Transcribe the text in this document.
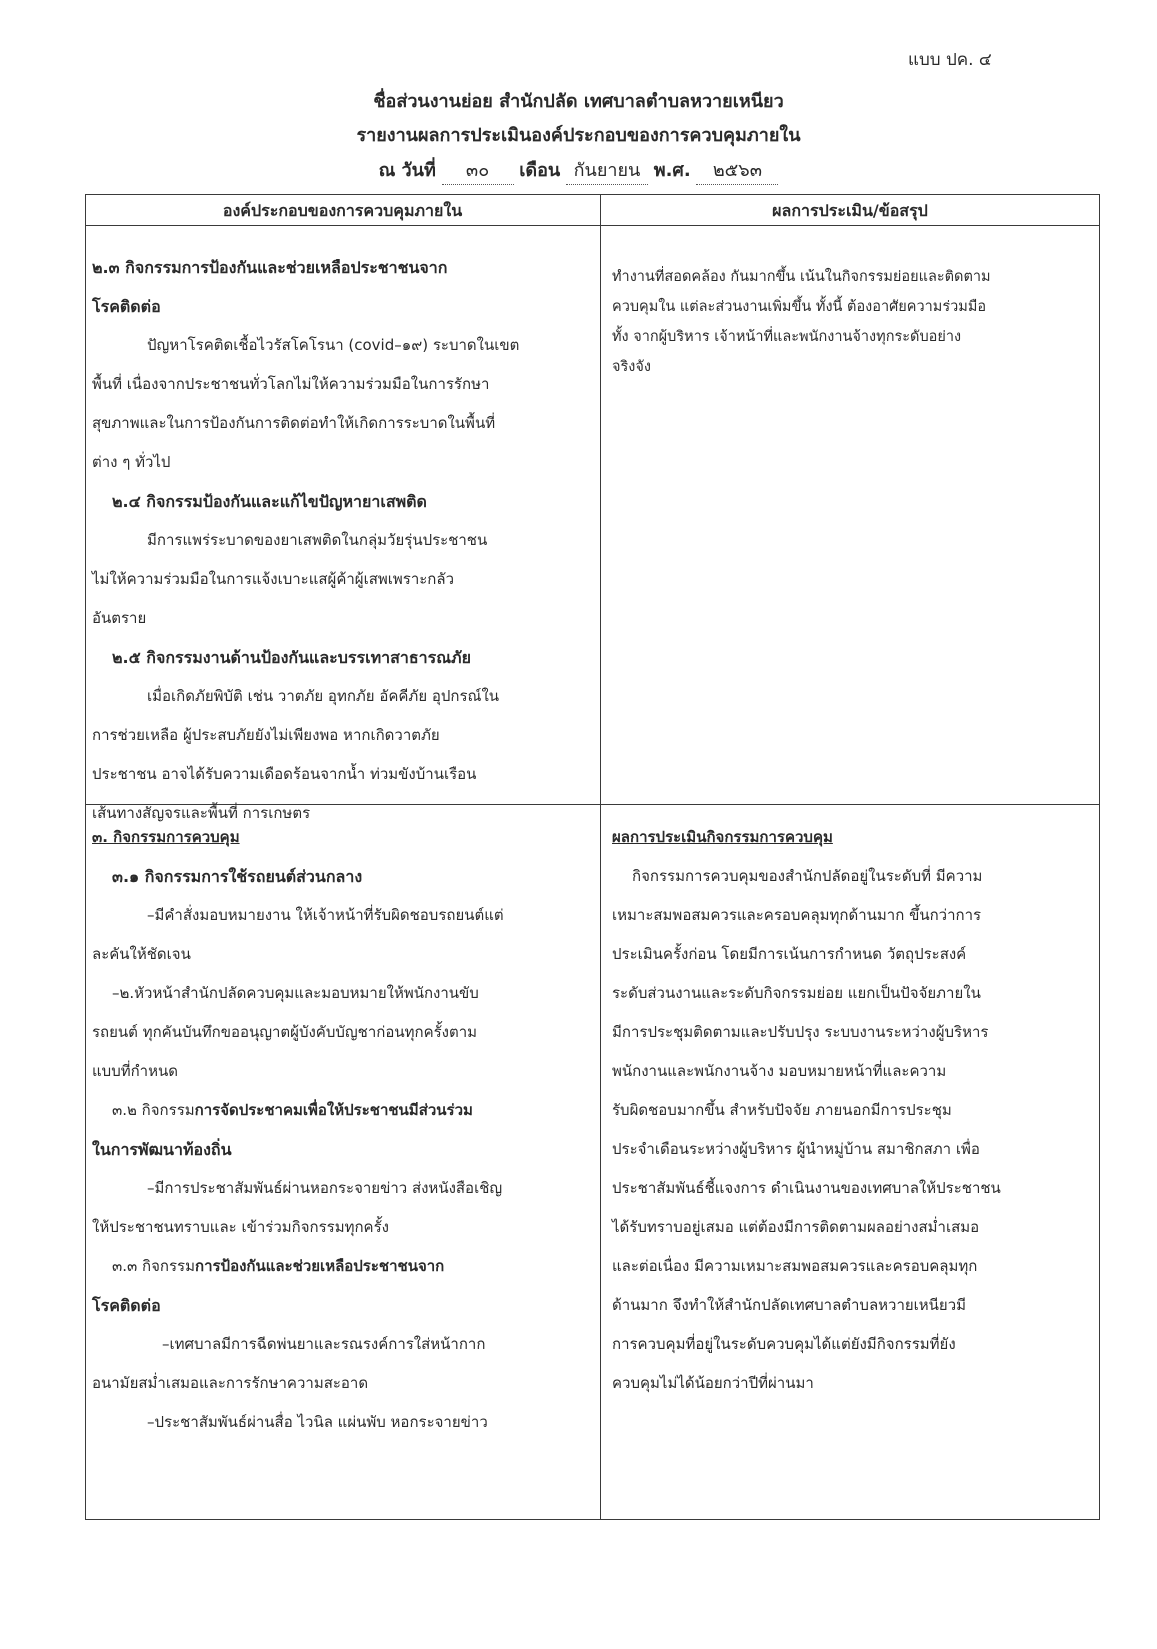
แบบ ปค. ๔
ชื่อส่วนงานย่อย สำนักปลัด เทศบาลตำบลหวายเหนียว
รายงานผลการประเมินองค์ประกอบของการควบคุมภายใน
ณ วันที่ ๓๐ เดือน กันยายน พ.ศ. ๒๕๖๓
องค์ประกอบของการควบคุมภายใน	ผลการประเมิน/ข้อสรุป

๒.๓ กิจกรรมการป้องกันและช่วยเหลือประชาชนจาก

โรคติดต่อ

ปัญหาโรคติดเชื้อไวรัสโคโรนา (covid–๑๙) ระบาดในเขต

พื้นที่ เนื่องจากประชาชนทั่วโลกไม่ให้ความร่วมมือในการรักษา

สุขภาพและในการป้องกันการติดต่อทำให้เกิดการระบาดในพื้นที่

ต่าง ๆ ทั่วไป

๒.๔ กิจกรรมป้องกันและแก้ไขปัญหายาเสพติด

มีการแพร่ระบาดของยาเสพติดในกลุ่มวัยรุ่นประชาชน

ไม่ให้ความร่วมมือในการแจ้งเบาะแสผู้ค้าผู้เสพเพราะกลัว

อันตราย

๒.๕ กิจกรรมงานด้านป้องกันและบรรเทาสาธารณภัย

เมื่อเกิดภัยพิบัติ เช่น วาตภัย อุทกภัย อัคคีภัย อุปกรณ์ใน

การช่วยเหลือ ผู้ประสบภัยยังไม่เพียงพอ หากเกิดวาตภัย

ประชาชน อาจได้รับความเดือดร้อนจากน้ำ ท่วมขังบ้านเรือน

เส้นทางสัญจรและพื้นที่ การเกษตร

ทำงานที่สอดคล้อง กันมากขึ้น เน้นในกิจกรรมย่อยและติดตาม

ควบคุมใน แต่ละส่วนงานเพิ่มขึ้น ทั้งนี้ ต้องอาศัยความร่วมมือ

ทั้ง จากผู้บริหาร เจ้าหน้าที่และพนักงานจ้างทุกระดับอย่าง

จริงจัง

๓. กิจกรรมการควบคุม

๓.๑ กิจกรรมการใช้รถยนต์ส่วนกลาง

–มีคำสั่งมอบหมายงาน ให้เจ้าหน้าที่รับผิดชอบรถยนต์แต่

ละคันให้ชัดเจน

–๒.หัวหน้าสำนักปลัดควบคุมและมอบหมายให้พนักงานขับ

รถยนต์ ทุกคันบันทึกขออนุญาตผู้บังคับบัญชาก่อนทุกครั้งตาม

แบบที่กำหนด

๓.๒ กิจกรรมการจัดประชาคมเพื่อให้ประชาชนมีส่วนร่วม

ในการพัฒนาท้องถิ่น

–มีการประชาสัมพันธ์ผ่านหอกระจายข่าว ส่งหนังสือเชิญ

ให้ประชาชนทราบและ เข้าร่วมกิจกรรมทุกครั้ง

๓.๓ กิจกรรมการป้องกันและช่วยเหลือประชาชนจาก

โรคติดต่อ

–เทศบาลมีการฉีดพ่นยาและรณรงค์การใส่หน้ากาก

อนามัยสม่ำเสมอและการรักษาความสะอาด

–ประชาสัมพันธ์ผ่านสื่อ ไวนิล แผ่นพับ หอกระจายข่าว

ผลการประเมินกิจกรรมการควบคุม

กิจกรรมการควบคุมของสำนักปลัดอยู่ในระดับที่ มีความ

เหมาะสมพอสมควรและครอบคลุมทุกด้านมาก ขึ้นกว่าการ

ประเมินครั้งก่อน โดยมีการเน้นการกำหนด วัตถุประสงค์

ระดับส่วนงานและระดับกิจกรรมย่อย แยกเป็นปัจจัยภายใน

มีการประชุมติดตามและปรับปรุง ระบบงานระหว่างผู้บริหาร

พนักงานและพนักงานจ้าง มอบหมายหน้าที่และความ

รับผิดชอบมากขึ้น สำหรับปัจจัย ภายนอกมีการประชุม

ประจำเดือนระหว่างผู้บริหาร ผู้นำหมู่บ้าน สมาชิกสภา เพื่อ

ประชาสัมพันธ์ชี้แจงการ ดำเนินงานของเทศบาลให้ประชาชน

ได้รับทราบอยู่เสมอ แต่ต้องมีการติดตามผลอย่างสม่ำเสมอ

และต่อเนื่อง มีความเหมาะสมพอสมควรและครอบคลุมทุก

ด้านมาก จึงทำให้สำนักปลัดเทศบาลตำบลหวายเหนียวมี

การควบคุมที่อยู่ในระดับควบคุมได้แต่ยังมีกิจกรรมที่ยัง

ควบคุมไม่ได้น้อยกว่าปีที่ผ่านมา
